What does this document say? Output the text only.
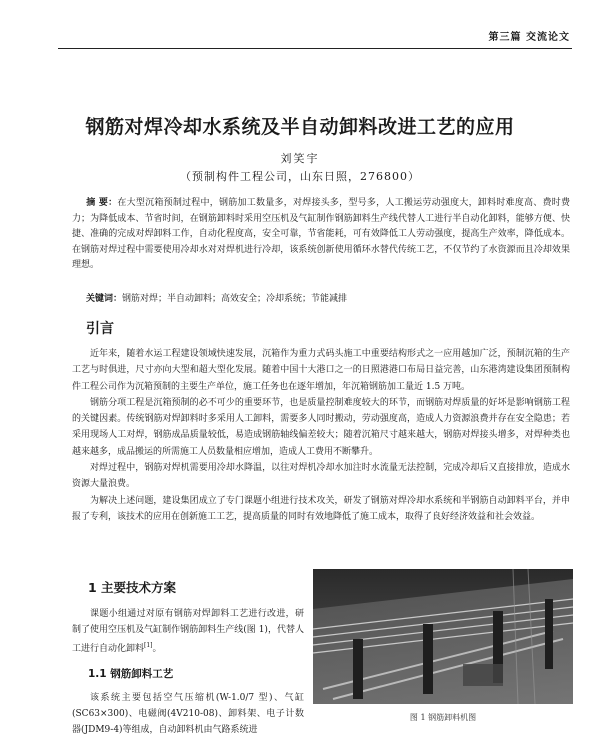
第三篇 交流论文
钢筋对焊冷却水系统及半自动卸料改进工艺的应用
刘笑宇
（预制构件工程公司，山东日照，276800）
摘 要：在大型沉箱预制过程中，钢筋加工数量多，对焊接头多，型号多，人工搬运劳动强度大，卸料时难度高、费时费力；为降低成本、节省时间，在钢筋卸料时采用空压机及气缸制作钢筋卸料生产线代替人工进行半自动化卸料，能够方便、快捷、准确的完成对焊卸料工作，自动化程度高，安全可靠，节省能耗，可有效降低工人劳动强度，提高生产效率，降低成本。在钢筋对焊过程中需要使用冷却水对对焊机进行冷却，该系统创新使用循环水替代传统工艺，不仅节约了水资源而且冷却效果理想。
关键词：钢筋对焊；半自动卸料；高效安全；冷却系统；节能减排
引言

近年来，随着水运工程建设领域快速发展，沉箱作为重力式码头施工中重要结构形式之一应用越加广泛，预制沉箱的生产工艺与时俱进，尺寸亦向大型和超大型化发展。随着中国十大港口之一的日照港港口布局日益完善，山东港湾建设集团预制构件工程公司作为沉箱预制的主要生产单位，施工任务也在逐年增加，年沉箱钢筋加工量近 1.5 万吨。

钢筋分项工程是沉箱预制的必不可少的重要环节，也是质量控制难度较大的环节，而钢筋对焊质量的好坏是影响钢筋工程的关键因素。传统钢筋对焊卸料时多采用人工卸料，需要多人同时搬动，劳动强度高，造成人力资源浪费并存在安全隐患；若采用现场人工对焊，钢筋成品质量较低，易造成钢筋轴线偏差较大；随着沉箱尺寸越来越大，钢筋对焊接头增多，对焊种类也越来越多，成品搬运的所需施工人员数量相应增加，造成人工费用不断攀升。

对焊过程中，钢筋对焊机需要用冷却水降温，以往对焊机冷却水加注时水流量无法控制，完成冷却后又直接排放，造成水资源大量浪费。

为解决上述问题，建设集团成立了专门课题小组进行技术攻关，研发了钢筋对焊冷却水系统和半钢筋自动卸料平台，并申报了专利，该技术的应用在创新施工工艺，提高质量的同时有效地降低了施工成本，取得了良好经济效益和社会效益。

1 主要技术方案

课题小组通过对原有钢筋对焊卸料工艺进行改进，研制了使用空压机及气缸制作钢筋卸料生产线(图 1)，代替人工进行自动化卸料[1]。

1.1 钢筋卸料工艺

该系统主要包括空气压缩机(W-1.0/7 型)、气缸(SC63×300)、电磁阀(4V210-08)、卸料架、电子计数器(JDM9-4)等组成，自动卸料机由气路系统进

图 1 钢筋卸料机图
